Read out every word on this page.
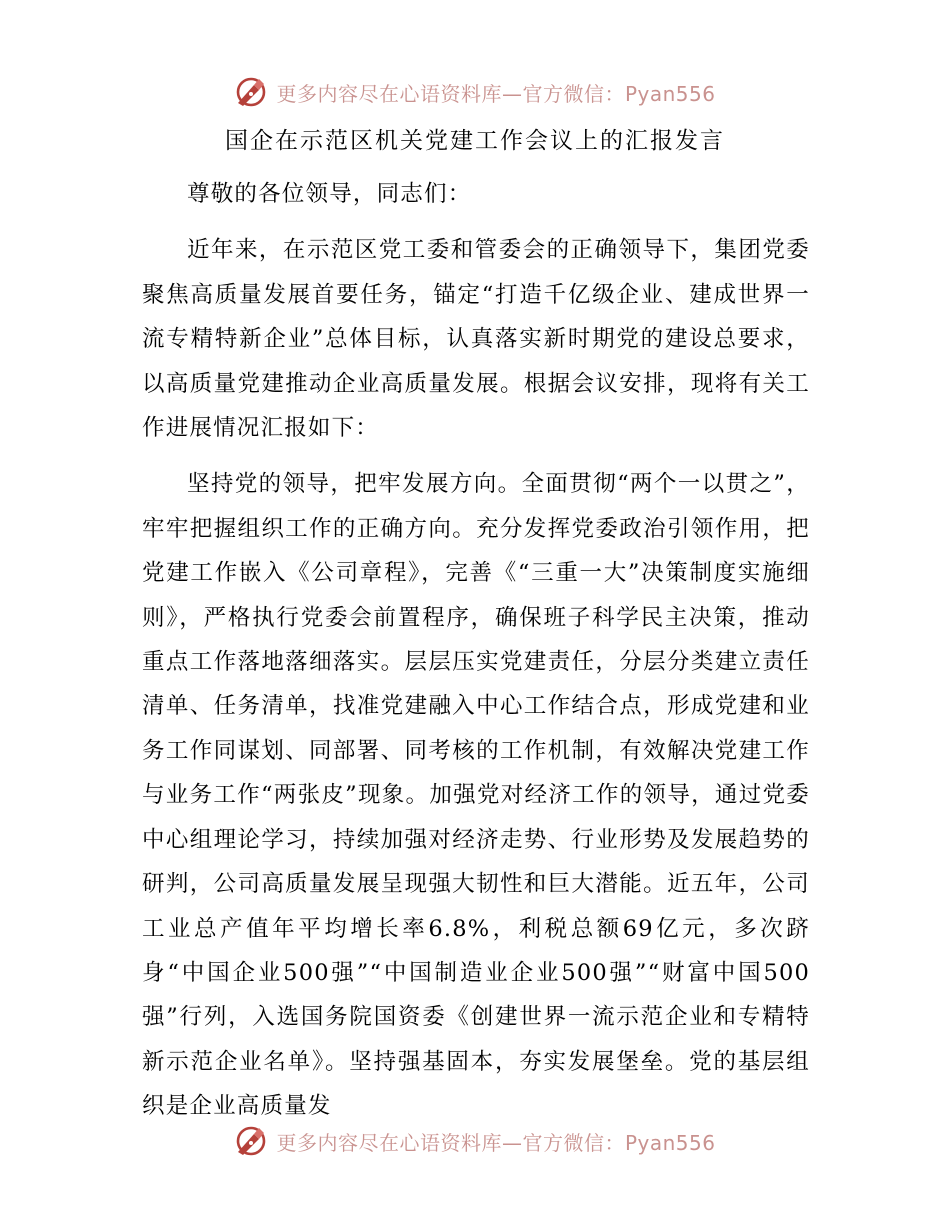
更多内容尽在心语资料库—官方微信：Pyan556
国企在示范区机关党建工作会议上的汇报发言

尊敬的各位领导，同志们：

近年来，在示范区党工委和管委会的正确领导下，集团党委聚焦高质量发展首要任务，锚定“打造千亿级企业、建成世界一流专精特新企业”总体目标，认真落实新时期党的建设总要求，以高质量党建推动企业高质量发展。根据会议安排，现将有关工作进展情况汇报如下：

坚持党的领导，把牢发展方向。全面贯彻“两个一以贯之”，牢牢把握组织工作的正确方向。充分发挥党委政治引领作用，把党建工作嵌入《公司章程》，完善《“三重一大”决策制度实施细则》，严格执行党委会前置程序，确保班子科学民主决策，推动重点工作落地落细落实。层层压实党建责任，分层分类建立责任清单、任务清单，找准党建融入中心工作结合点，形成党建和业务工作同谋划、同部署、同考核的工作机制，有效解决党建工作与业务工作“两张皮”现象。加强党对经济工作的领导，通过党委中心组理论学习，持续加强对经济走势、行业形势及发展趋势的研判，公司高质量发展呈现强大韧性和巨大潜能。近五年，公司工业总产值年平均增长率6.8%，利税总额69亿元，多次跻身“中国企业500强”“中国制造业企业500强”“财富中国500强”行列，入选国务院国资委《创建世界一流示范企业和专精特新示范企业名单》。坚持强基固本，夯实发展堡垒。党的基层组织是企业高质量发

更多内容尽在心语资料库—官方微信：Pyan556
